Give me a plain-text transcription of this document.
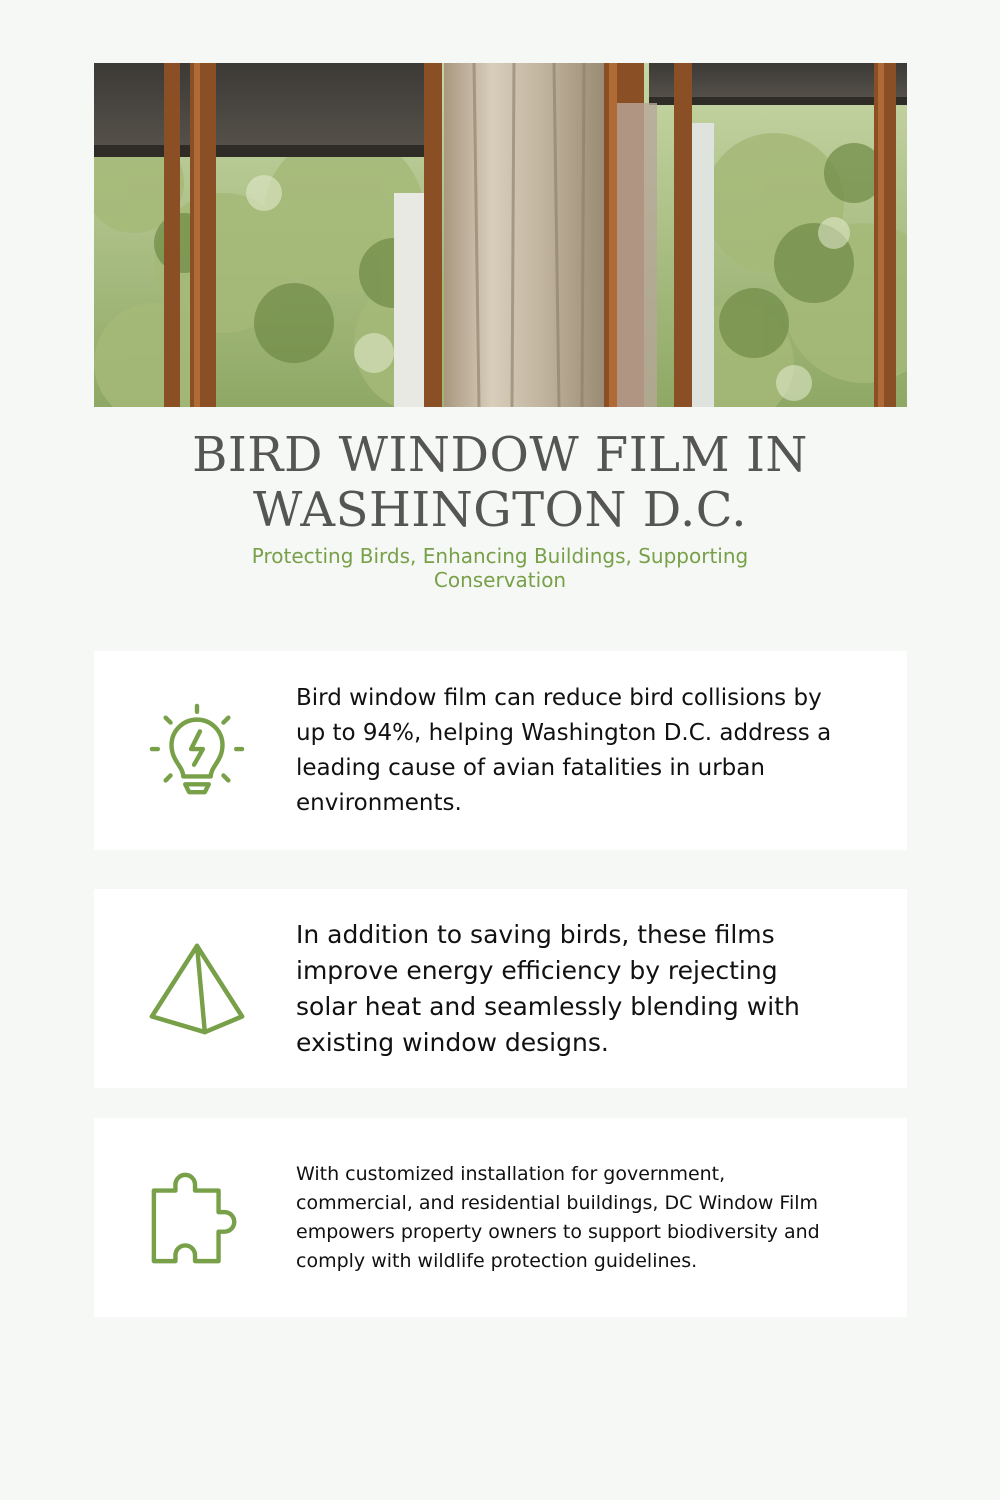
BIRD WINDOW FILM IN WASHINGTON D.C.
Protecting Birds, Enhancing Buildings, Supporting Conservation

Bird window film can reduce bird collisions by up to 94%, helping Washington D.C. address a leading cause of avian fatalities in urban environments.

In addition to saving birds, these films improve energy efficiency by rejecting solar heat and seamlessly blending with existing window designs.

With customized installation for government, commercial, and residential buildings, DC Window Film empowers property owners to support biodiversity and comply with wildlife protection guidelines.
